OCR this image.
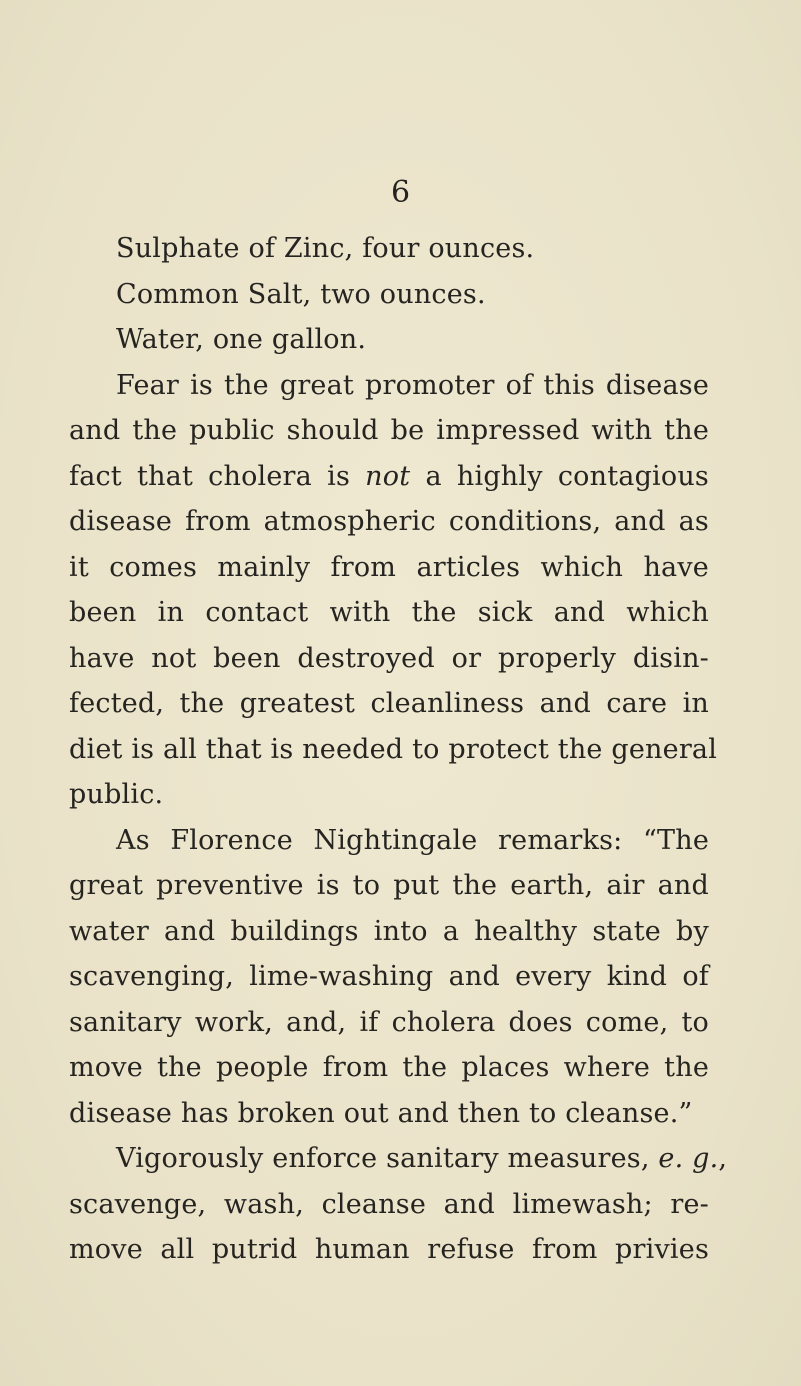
6
Sulphate of Zinc, four ounces.
Common Salt, two ounces.
Water, one gallon.
Fear is the great promoter of this disease
and the public should be impressed with the
fact that cholera is not a highly contagious
disease from atmospheric conditions, and as
it comes mainly from articles which have
been in contact with the sick and which
have not been destroyed or properly disin-
fected, the greatest cleanliness and care in
diet is all that is needed to protect the general
public.
As Florence Nightingale remarks: “The
great preventive is to put the earth, air and
water and buildings into a healthy state by
scavenging, lime-washing and every kind of
sanitary work, and, if cholera does come, to
move the people from the places where the
disease has broken out and then to cleanse.”
Vigorously enforce sanitary measures, e. g.,
scavenge, wash, cleanse and limewash; re-
move all putrid human refuse from privies
